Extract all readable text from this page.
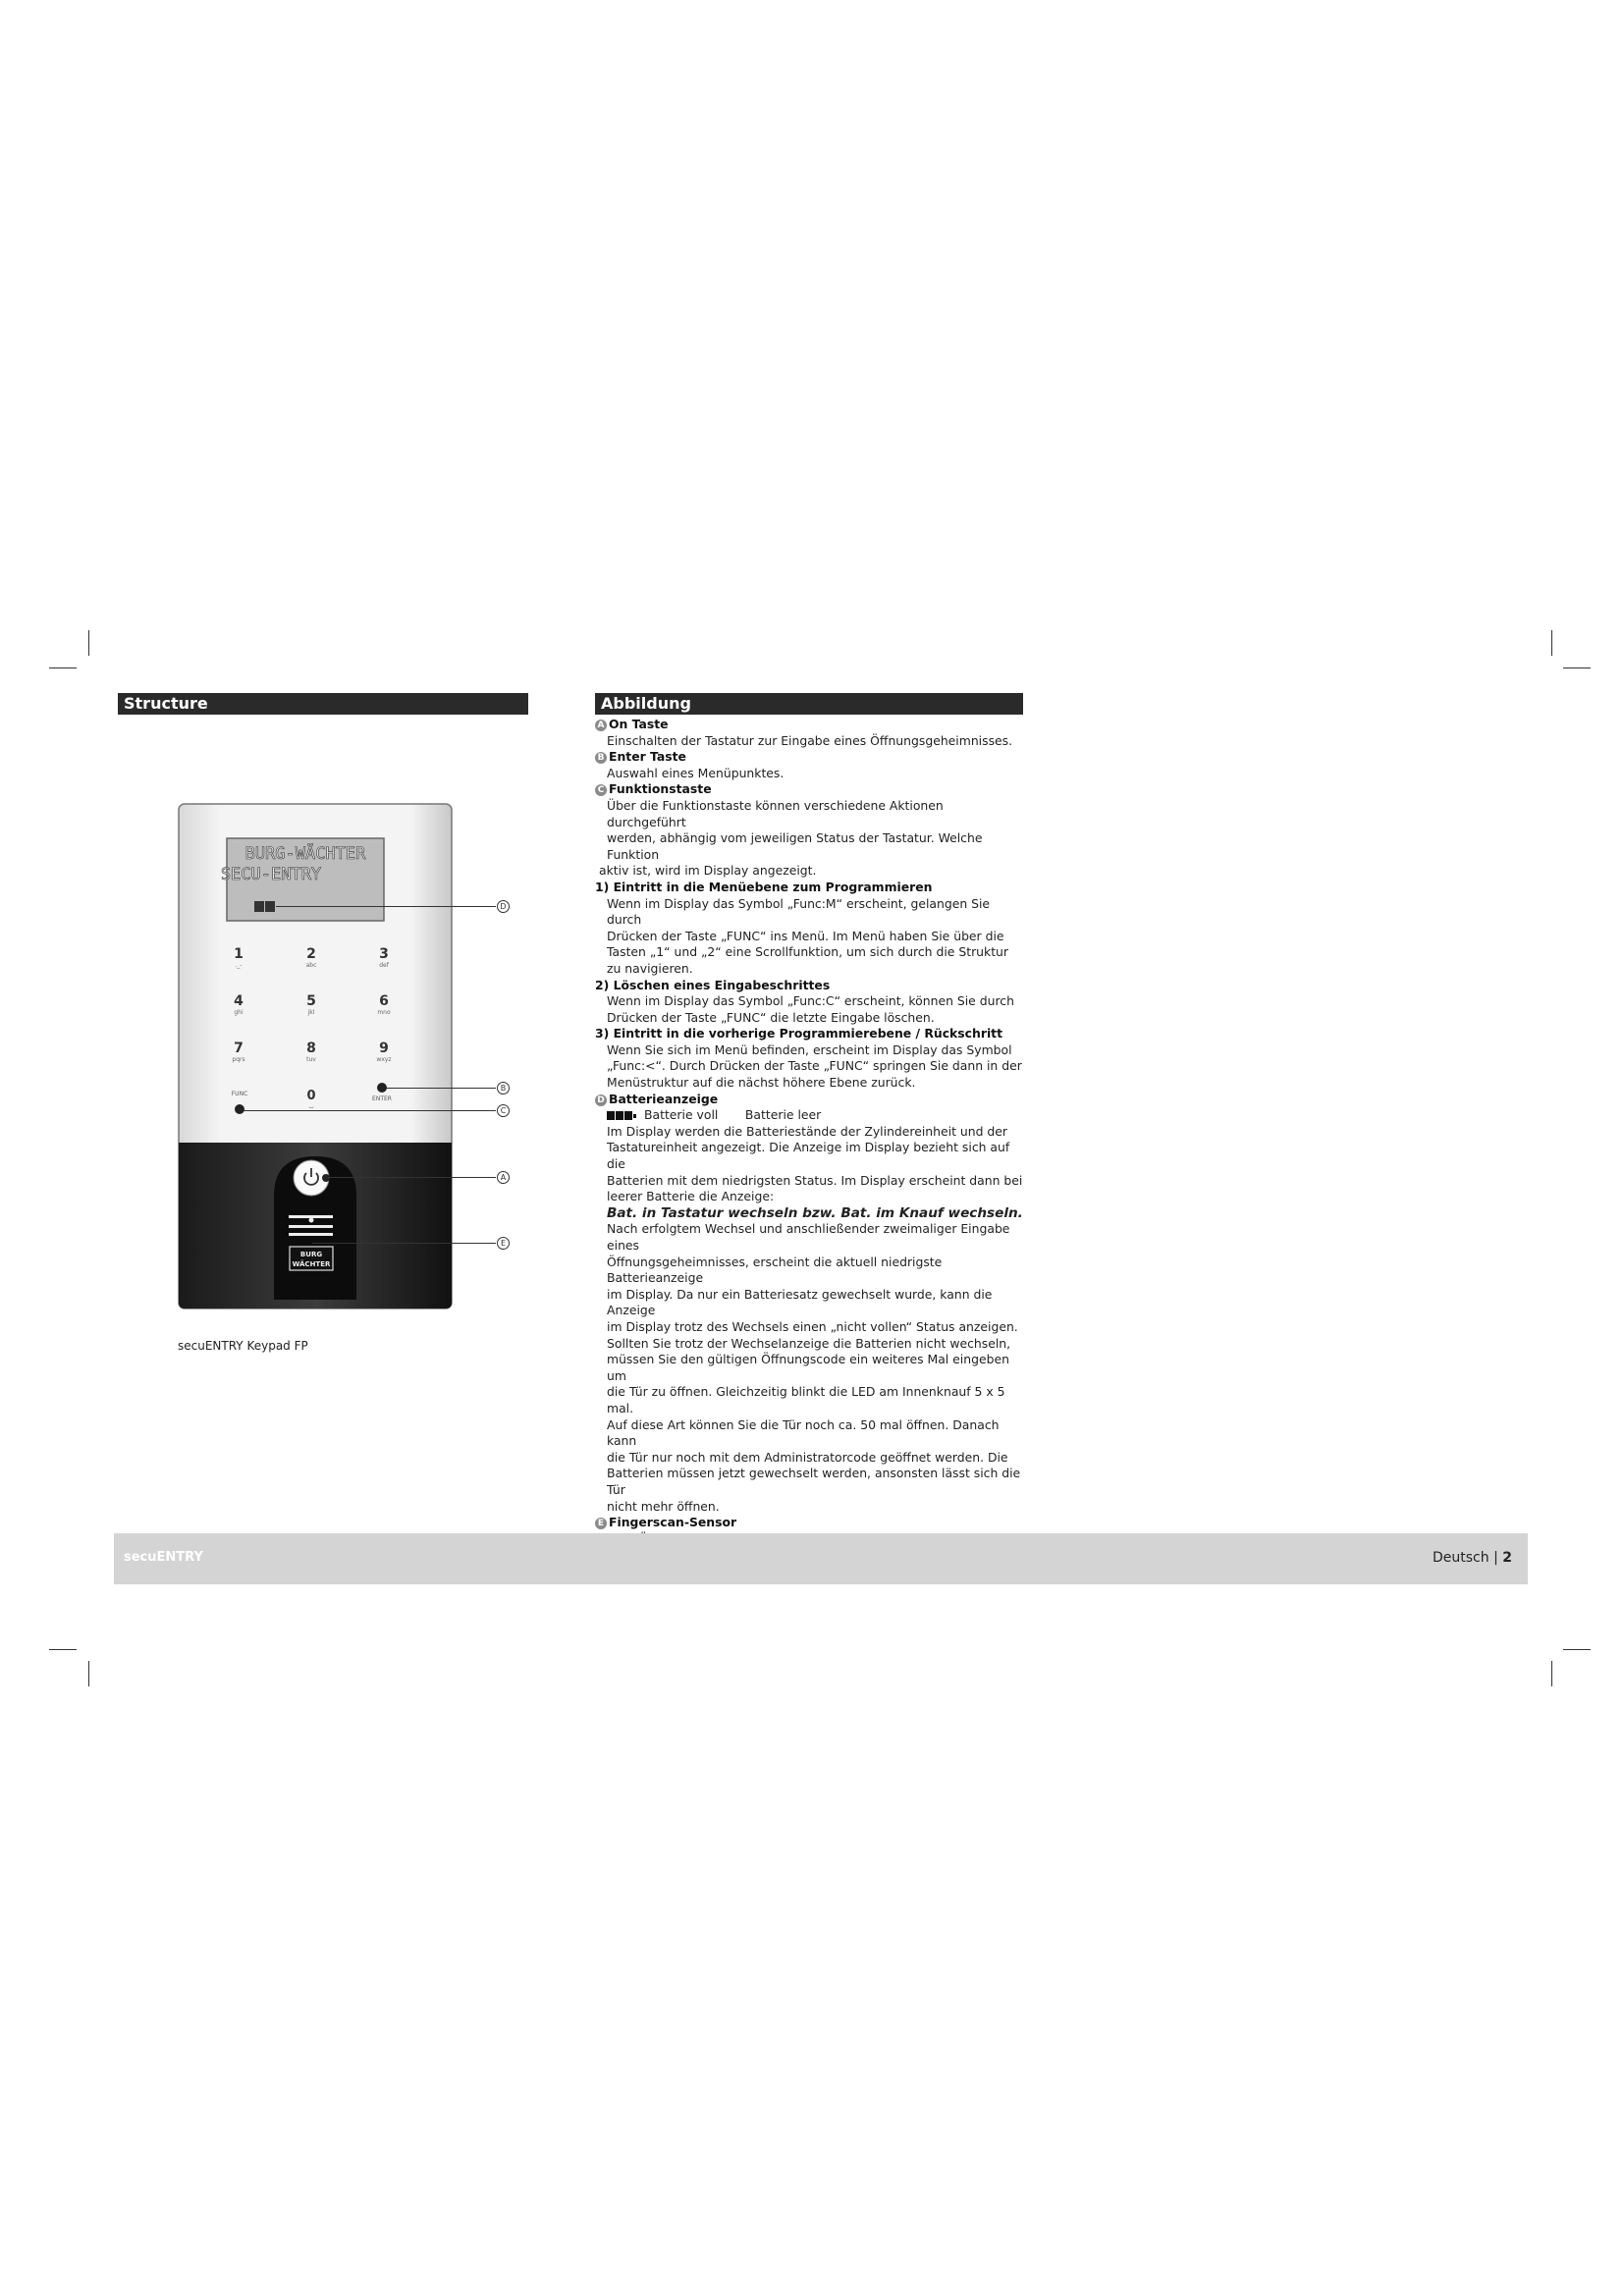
Structure	Abbildung
BURG-WÄCHTER
SECU-ENTRY
1
._-
2
abc
3
def
4
ghi
5
jkl
6
mno
7
pqrs
8
tuv
9
wxyz
FUNC	0
⌴
ENTER
BURG
WÄCHTER
D
B
C
A
E
secuENTRY Keypad FP

A On Taste

Einschalten der Tastatur zur Eingabe eines Öffnungsgeheimnisses.

B Enter Taste

Auswahl eines Menüpunktes.

C Funktionstaste

Über die Funktionstaste können verschiedene Aktionen durchgeführt

werden, abhängig vom jeweiligen Status der Tastatur. Welche Funktion

aktiv ist, wird im Display angezeigt.

1) Eintritt in die Menüebene zum Programmieren

Wenn im Display das Symbol „Func:M“ erscheint, gelangen Sie durch

Drücken der Taste „FUNC“ ins Menü. Im Menü haben Sie über die

Tasten „1“ und „2“ eine Scrollfunktion, um sich durch die Struktur

zu navigieren.

2) Löschen eines Eingabeschrittes

Wenn im Display das Symbol „Func:C“ erscheint, können Sie durch

Drücken der Taste „FUNC“ die letzte Eingabe löschen.

3) Eintritt in die vorherige Programmierebene / Rückschritt

Wenn Sie sich im Menü befinden, erscheint im Display das Symbol

„Func:<“. Durch Drücken der Taste „FUNC“ springen Sie dann in der

Menüstruktur auf die nächst höhere Ebene zurück.

D Batterieanzeige

Batterie voll Batterie leer

Im Display werden die Batteriestände der Zylindereinheit und der

Tastatureinheit angezeigt. Die Anzeige im Display bezieht sich auf die

Batterien mit dem niedrigsten Status. Im Display erscheint dann bei

leerer Batterie die Anzeige:

Bat. in Tastatur wechseln bzw. Bat. im Knauf wechseln.

Nach erfolgtem Wechsel und anschließender zweimaliger Eingabe eines

Öffnungsgeheimnisses, erscheint die aktuell niedrigste Batterieanzeige

im Display. Da nur ein Batteriesatz gewechselt wurde, kann die Anzeige

im Display trotz des Wechsels einen „nicht vollen“ Status anzeigen.

Sollten Sie trotz der Wechselanzeige die Batterien nicht wechseln,

müssen Sie den gültigen Öffnungscode ein weiteres Mal eingeben um

die Tür zu öffnen. Gleichzeitig blinkt die LED am Innenknauf 5 x 5 mal.

Auf diese Art können Sie die Tür noch ca. 50 mal öffnen. Danach kann

die Tür nur noch mit dem Administratorcode geöffnet werden. Die

Batterien müssen jetzt gewechselt werden, ansonsten lässt sich die Tür

nicht mehr öffnen.

E Fingerscan-Sensor

secuENTRY	Deutsch | 2
